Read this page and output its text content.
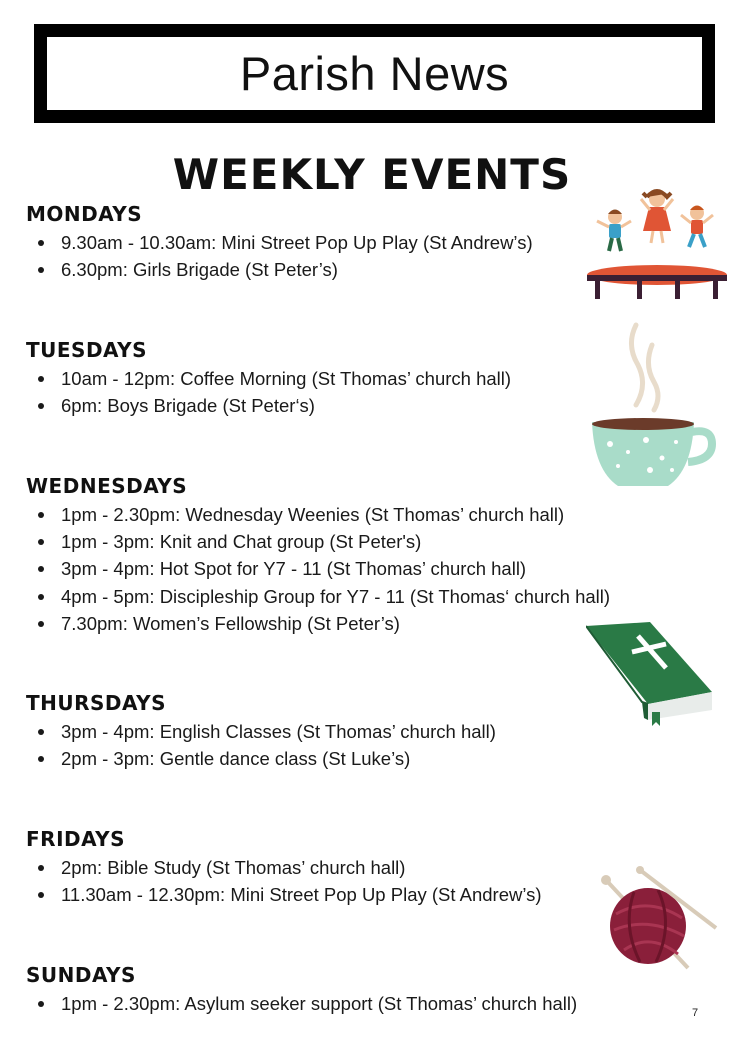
Parish News
WEEKLY EVENTS
MONDAYS
9.30am - 10.30am: Mini Street Pop Up Play (St Andrew’s)
6.30pm: Girls Brigade (St Peter’s)
TUESDAYS
10am - 12pm: Coffee Morning (St Thomas’ church hall)
6pm: Boys Brigade (St Peter‘s)
WEDNESDAYS
1pm - 2.30pm: Wednesday Weenies (St Thomas’ church hall)
1pm - 3pm: Knit and Chat group (St Peter's)
3pm - 4pm: Hot Spot for Y7 - 11 (St Thomas’ church hall)
4pm - 5pm: Discipleship Group for Y7 - 11 (St Thomas‘ church hall)
7.30pm: Women’s Fellowship (St Peter’s)
THURSDAYS
3pm - 4pm: English Classes (St Thomas’ church hall)
2pm - 3pm: Gentle dance class (St Luke’s)
FRIDAYS
2pm: Bible Study (St Thomas’ church hall)
11.30am - 12.30pm: Mini Street Pop Up Play (St Andrew’s)
SUNDAYS
1pm - 2.30pm: Asylum seeker support (St Thomas’ church hall)	7
